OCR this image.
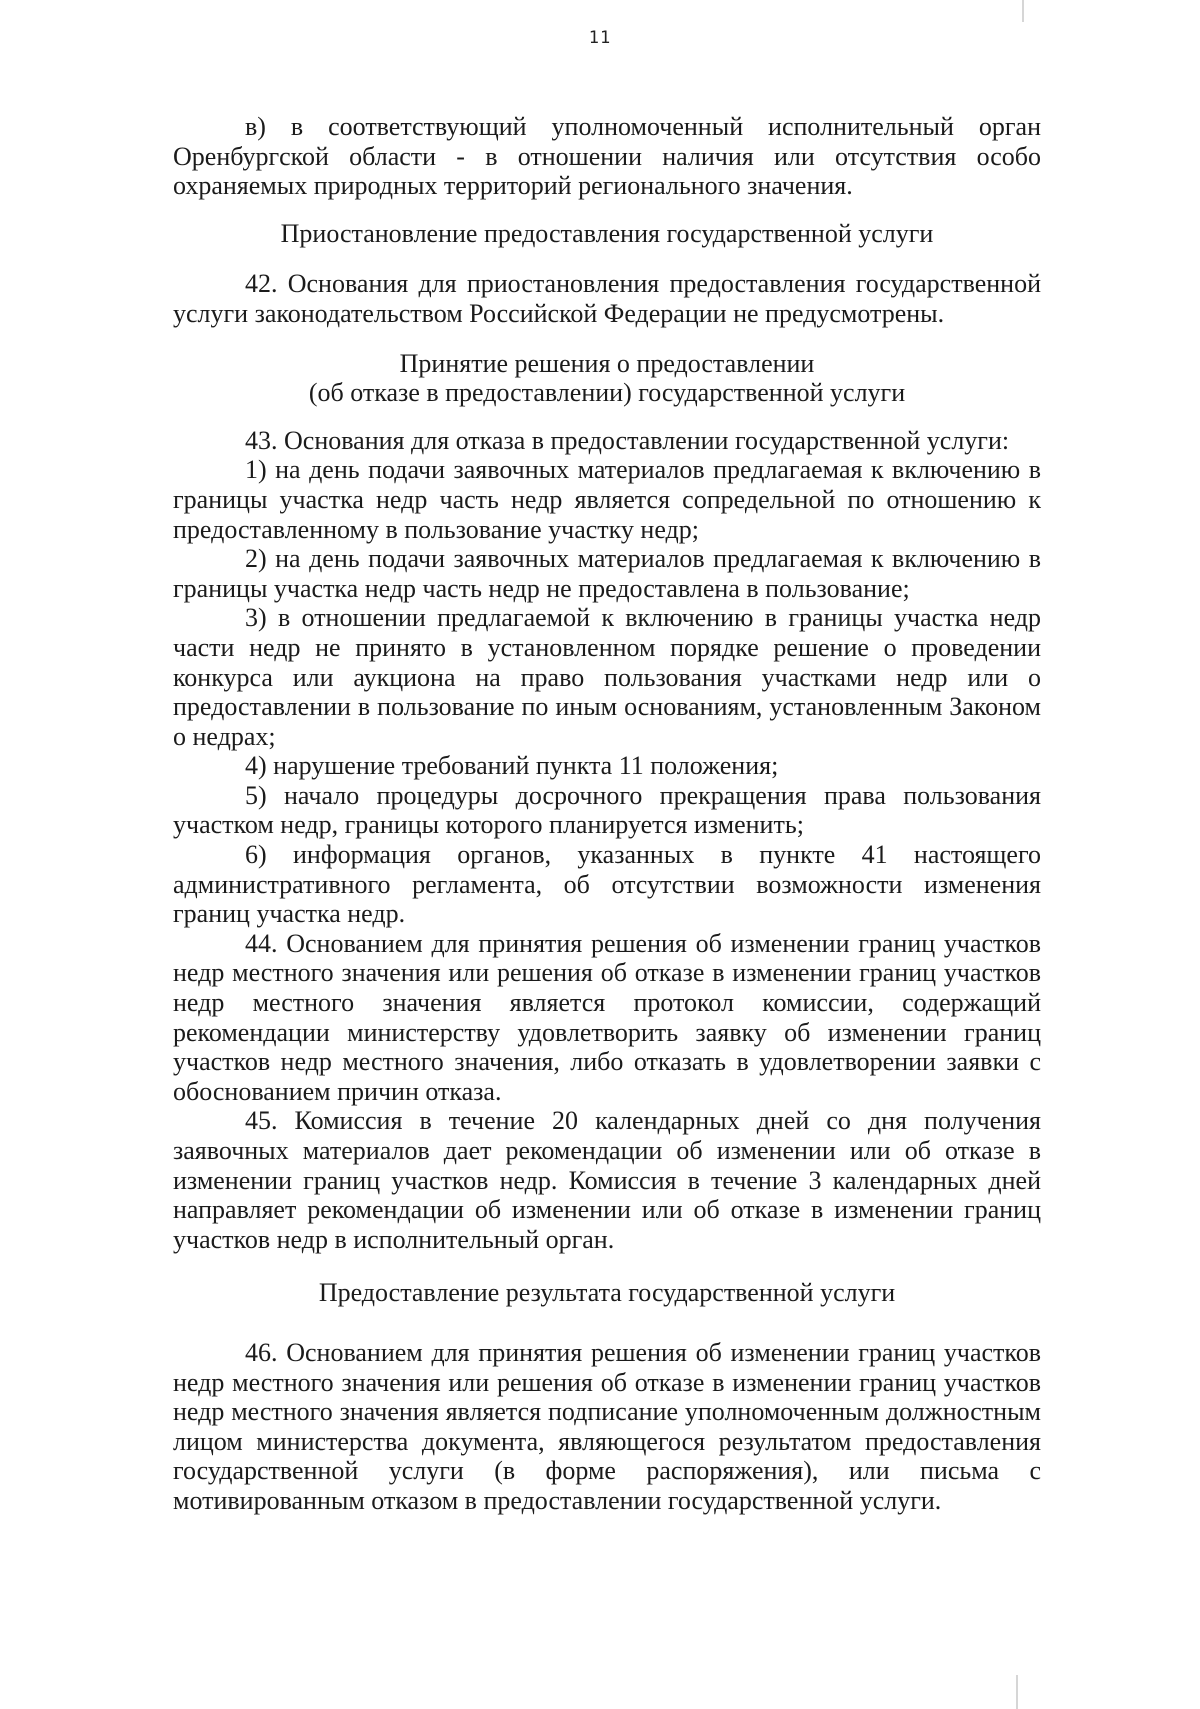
11

в) в соответствующий уполномоченный исполнительный орган Оренбургской области - в отношении наличия или отсутствия особо охраняемых природных территорий регионального значения.

Приостановление предоставления государственной услуги

42. Основания для приостановления предоставления государственной услуги законодательством Российской Федерации не предусмотрены.

Принятие решения о предоставлении
(об отказе в предоставлении) государственной услуги

43. Основания для отказа в предоставлении государственной услуги:

1) на день подачи заявочных материалов предлагаемая к включению в границы участка недр часть недр является сопредельной по отношению к предоставленному в пользование участку недр;

2) на день подачи заявочных материалов предлагаемая к включению в границы участка недр часть недр не предоставлена в пользование;

3) в отношении предлагаемой к включению в границы участка недр части недр не принято в установленном порядке решение о проведении конкурса или аукциона на право пользования участками недр или о предоставлении в пользование по иным основаниям, установленным Законом о недрах;

4) нарушение требований пункта 11 положения;

5) начало процедуры досрочного прекращения права пользования участком недр, границы которого планируется изменить;

6) информация органов, указанных в пункте 41 настоящего административного регламента, об отсутствии возможности изменения границ участка недр.

44. Основанием для принятия решения об изменении границ участков недр местного значения или решения об отказе в изменении границ участков недр местного значения является протокол комиссии, содержащий рекомендации министерству удовлетворить заявку об изменении границ участков недр местного значения, либо отказать в удовлетворении заявки с обоснованием причин отказа.

45. Комиссия в течение 20 календарных дней со дня получения заявочных материалов дает рекомендации об изменении или об отказе в изменении границ участков недр. Комиссия в течение 3 календарных дней направляет рекомендации об изменении или об отказе в изменении границ участков недр в исполнительный орган.

Предоставление результата государственной услуги

46. Основанием для принятия решения об изменении границ участков недр местного значения или решения об отказе в изменении границ участков недр местного значения является подписание уполномоченным должностным лицом министерства документа, являющегося результатом предоставления государственной услуги (в форме распоряжения), или письма с мотивированным отказом в предоставлении государственной услуги.
